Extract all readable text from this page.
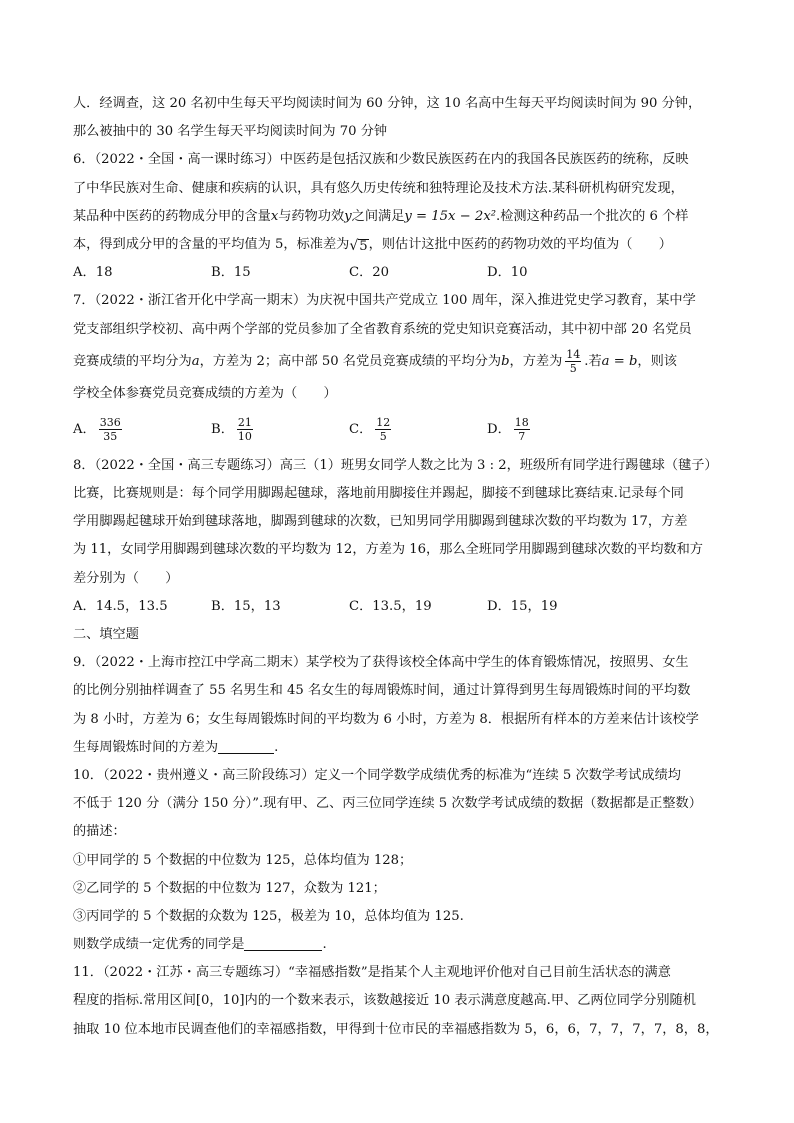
人．经调查，这 20 名初中生每天平均阅读时间为 60 分钟，这 10 名高中生每天平均阅读时间为 90 分钟，
那么被抽中的 30 名学生每天平均阅读时间为 70 分钟
6．（2022・全国・高一课时练习）中医药是包括汉族和少数民族医药在内的我国各民族医药的统称，反映
了中华民族对生命、健康和疾病的认识，具有悠久历史传统和独特理论及技术方法.某科研机构研究发现，
某品种中医药的药物成分甲的含量x与药物功效y之间满足y = 15x − 2x².检测这种药品一个批次的 6 个样
本，得到成分甲的含量的平均值为 5，标准差为 √ 5 ，则估计这批中医药的药物功效的平均值为（　　）
A．18	B．15	C．20	D．10
7．（2022・浙江省开化中学高一期末）为庆祝中国共产党成立 100 周年，深入推进党史学习教育，某中学
党支部组织学校初、高中两个学部的党员参加了全省教育系统的党史知识竞赛活动，其中初中部 20 名党员
竞赛成绩的平均分为a，方差为 2；高中部 50 名党员竞赛成绩的平均分为b，方差为 $\frac{14}{5}$ .若a = b，则该
学校全体参赛党员竞赛成绩的方差为（　　）
A． $\frac{336}{35}$	B． $\frac{21}{10}$	C． $\frac{12}{5}$	D． $\frac{18}{7}$
8．（2022・全国・高三专题练习）高三（1）班男女同学人数之比为 3 : 2，班级所有同学进行踢毽球（毽子）
比赛，比赛规则是：每个同学用脚踢起毽球，落地前用脚接住并踢起，脚接不到毽球比赛结束.记录每个同
学用脚踢起毽球开始到毽球落地，脚踢到毽球的次数，已知男同学用脚踢到毽球次数的平均数为 17，方差
为 11，女同学用脚踢到毽球次数的平均数为 12，方差为 16，那么全班同学用脚踢到毽球次数的平均数和方
差分别为（　　）
A．14.5，13.5	B．15，13	C．13.5，19	D．15，19
二、填空题
9．（2022・上海市控江中学高二期末）某学校为了获得该校全体高中学生的体育锻炼情况，按照男、女生
的比例分别抽样调查了 55 名男生和 45 名女生的每周锻炼时间，通过计算得到男生每周锻炼时间的平均数
为 8 小时，方差为 6；女生每周锻炼时间的平均数为 6 小时，方差为 8．根据所有样本的方差来估计该校学
生每周锻炼时间的方差为	.
10．（2022・贵州遵义・高三阶段练习）定义一个同学数学成绩优秀的标准为“连续 5 次数学考试成绩均
不低于 120 分（满分 150 分）”.现有甲、乙、丙三位同学连续 5 次数学考试成绩的数据（数据都是正整数）
的描述：
①甲同学的 5 个数据的中位数为 125，总体均值为 128；
②乙同学的 5 个数据的中位数为 127，众数为 121；
③丙同学的 5 个数据的众数为 125，极差为 10，总体均值为 125.
则数学成绩一定优秀的同学是	.
11．（2022・江苏・高三专题练习）“幸福感指数”是指某个人主观地评价他对自己目前生活状态的满意
程度的指标.常用区间[0，10]内的一个数来表示，该数越接近 10 表示满意度越高.甲、乙两位同学分别随机
抽取 10 位本地市民调查他们的幸福感指数，甲得到十位市民的幸福感指数为 5，6，6，7，7，7，7，8，8，
